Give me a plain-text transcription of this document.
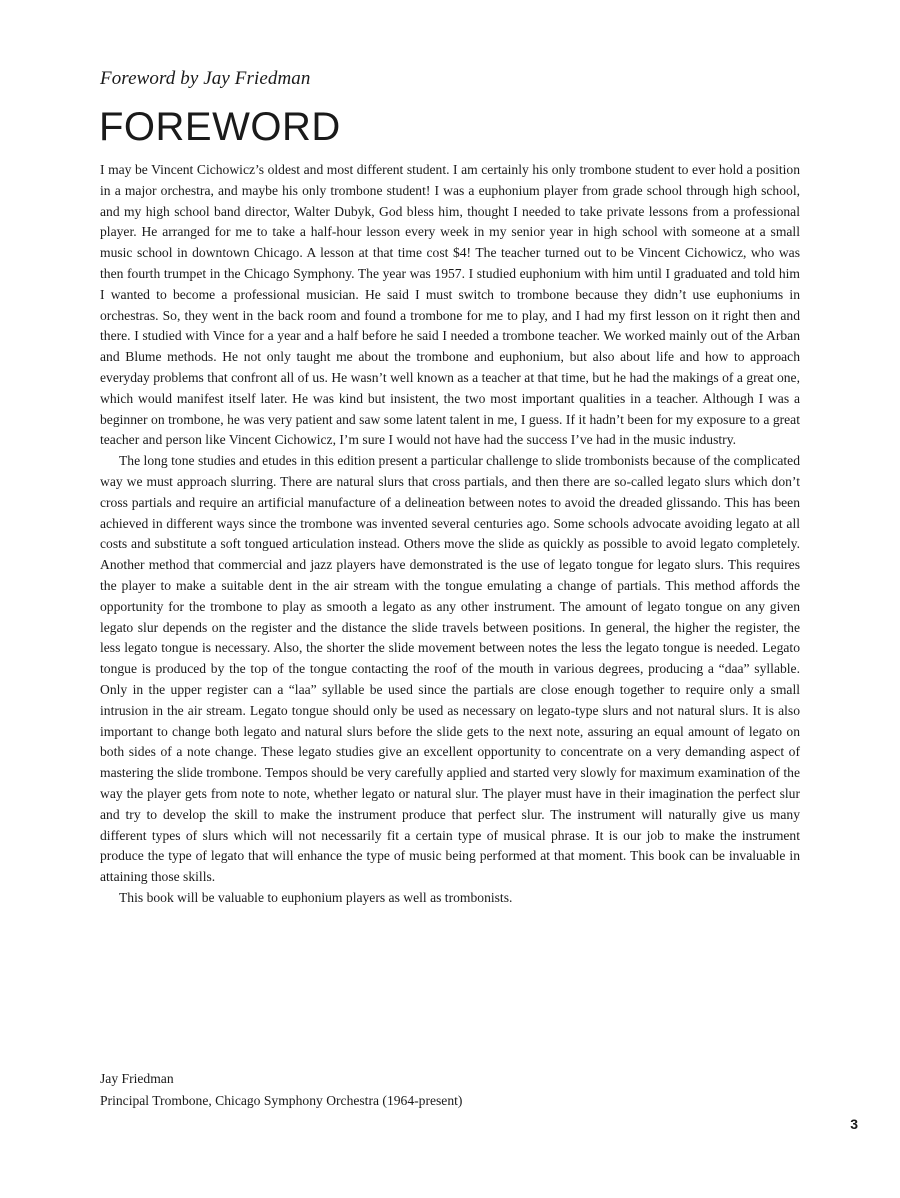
Foreword by Jay Friedman
FOREWORD

I may be Vincent Cichowicz’s oldest and most different student. I am certainly his only trombone student to ever hold a position in a major orchestra, and maybe his only trombone student! I was a euphonium player from grade school through high school, and my high school band director, Walter Dubyk, God bless him, thought I needed to take private lessons from a professional player. He arranged for me to take a half-hour lesson every week in my senior year in high school with someone at a small music school in downtown Chicago. A lesson at that time cost $4! The teacher turned out to be Vincent Cichowicz, who was then fourth trumpet in the Chicago Symphony. The year was 1957. I studied euphonium with him until I graduated and told him I wanted to become a professional musician. He said I must switch to trombone because they didn’t use euphoniums in orchestras. So, they went in the back room and found a trombone for me to play, and I had my first lesson on it right then and there. I studied with Vince for a year and a half before he said I needed a trombone teacher. We worked mainly out of the Arban and Blume methods. He not only taught me about the trombone and euphonium, but also about life and how to approach everyday problems that confront all of us. He wasn’t well known as a teacher at that time, but he had the makings of a great one, which would manifest itself later. He was kind but insistent, the two most important qualities in a teacher. Although I was a beginner on trombone, he was very patient and saw some latent talent in me, I guess. If it hadn’t been for my exposure to a great teacher and person like Vincent Cichowicz, I’m sure I would not have had the success I’ve had in the music industry.

The long tone studies and etudes in this edition present a particular challenge to slide trombonists because of the complicated way we must approach slurring. There are natural slurs that cross partials, and then there are so-called legato slurs which don’t cross partials and require an artificial manufacture of a delineation between notes to avoid the dreaded glissando. This has been achieved in different ways since the trombone was invented several centuries ago. Some schools advocate avoiding legato at all costs and substitute a soft tongued articulation instead. Others move the slide as quickly as possible to avoid legato completely. Another method that commercial and jazz players have demonstrated is the use of legato tongue for legato slurs. This requires the player to make a suitable dent in the air stream with the tongue emulating a change of partials. This method affords the opportunity for the trombone to play as smooth a legato as any other instrument. The amount of legato tongue on any given legato slur depends on the register and the distance the slide travels between positions. In general, the higher the register, the less legato tongue is necessary. Also, the shorter the slide movement between notes the less the legato tongue is needed. Legato tongue is produced by the top of the tongue contacting the roof of the mouth in various degrees, producing a “daa” syllable. Only in the upper register can a “laa” syllable be used since the partials are close enough together to require only a small intrusion in the air stream. Legato tongue should only be used as necessary on legato-type slurs and not natural slurs. It is also important to change both legato and natural slurs before the slide gets to the next note, assuring an equal amount of legato on both sides of a note change. These legato studies give an excellent opportunity to concentrate on a very demanding aspect of mastering the slide trombone. Tempos should be very carefully applied and started very slowly for maximum examination of the way the player gets from note to note, whether legato or natural slur. The player must have in their imagination the perfect slur and try to develop the skill to make the instrument produce that perfect slur. The instrument will naturally give us many different types of slurs which will not necessarily fit a certain type of musical phrase. It is our job to make the instrument produce the type of legato that will enhance the type of music being performed at that moment. This book can be invaluable in attaining those skills.

This book will be valuable to euphonium players as well as trombonists.

Jay Friedman
Principal Trombone, Chicago Symphony Orchestra (1964-present)
3
